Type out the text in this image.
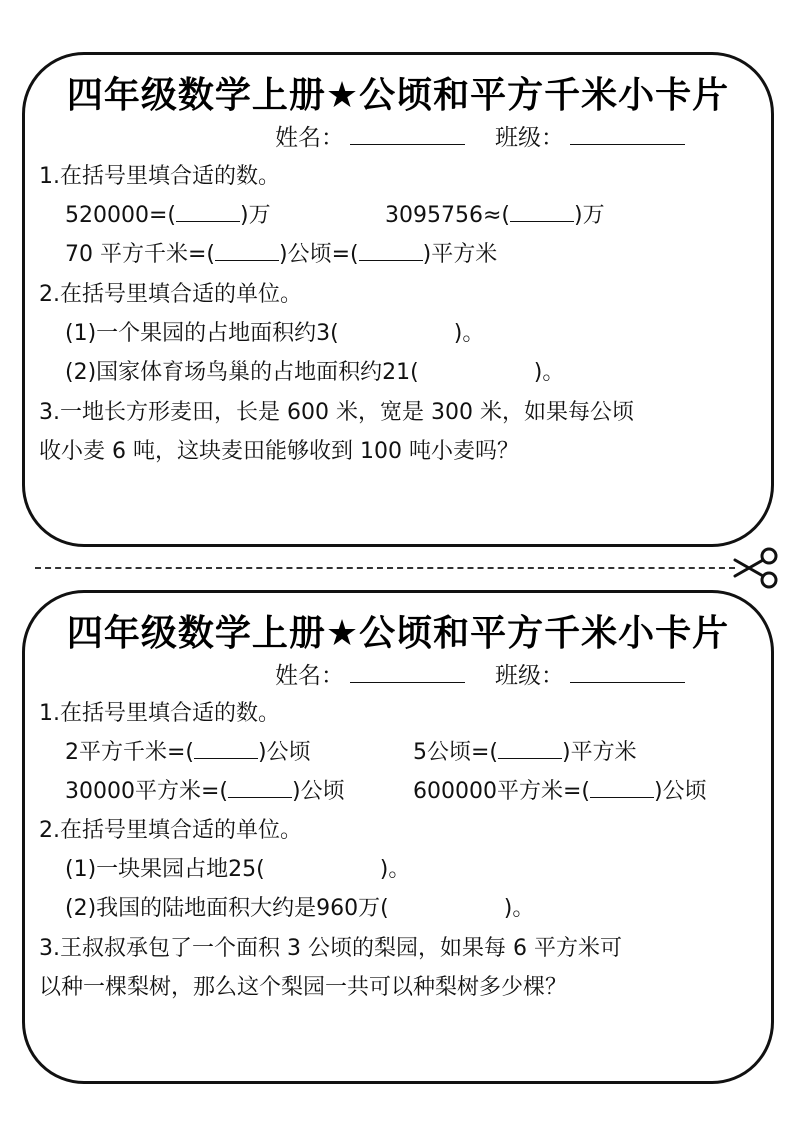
四年级数学上册★公顷和平方千米小卡片
姓名：	班级：
1.在括号里填合适的数。
520000=(	)万	3095756≈(	)万
70 平方千米=(	)公顷=(	)平方米
2.在括号里填合适的单位。
(1)一个果园的占地面积约3(	)。
(2)国家体育场鸟巢的占地面积约21(	)。
3.一地长方形麦田，长是 600 米，宽是 300 米，如果每公顷
收小麦 6 吨，这块麦田能够收到 100 吨小麦吗？
四年级数学上册★公顷和平方千米小卡片
姓名：	班级：
1.在括号里填合适的数。
2平方千米=(	)公顷	5公顷=(	)平方米
30000平方米=(	)公顷	600000平方米=(	)公顷
2.在括号里填合适的单位。
(1)一块果园占地25(	)。
(2)我国的陆地面积大约是960万(	)。
3.王叔叔承包了一个面积 3 公顷的梨园，如果每 6 平方米可
以种一棵梨树，那么这个梨园一共可以种梨树多少棵？
